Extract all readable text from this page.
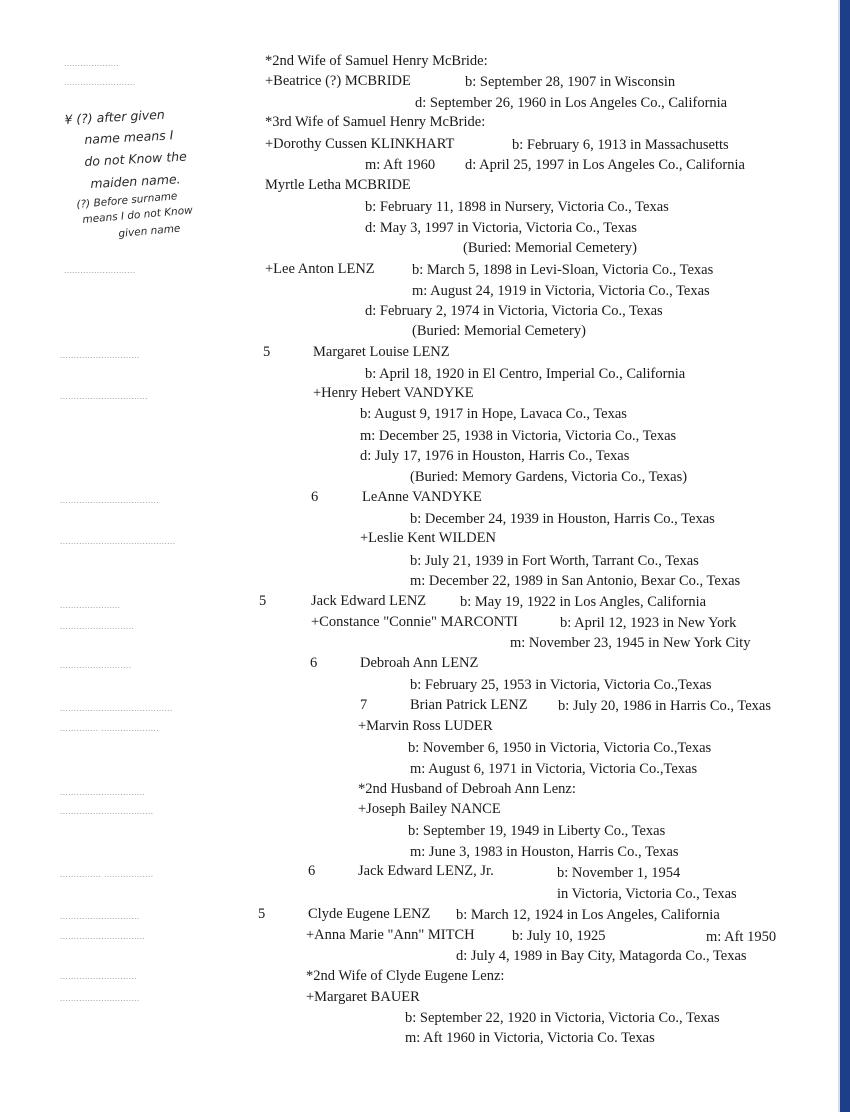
¥ (?) after given
name means I
do not Know the
maiden name.
(?) Before surname
means I do not Know
given name
....................
..........................
..........................
.............................
................................
....................................
..........................................
......................
...........................
..........................
.........................................
.............. .....................
...............................
..................................
............... ..................
.............................
...............................
............................
.............................
*2nd Wife of Samuel Henry McBride:
+Beatrice (?) MCBRIDE	b: September 28, 1907 in Wisconsin
d: September 26, 1960 in Los Angeles Co., California
*3rd Wife of Samuel Henry McBride:
+Dorothy Cussen KLINKHART	b: February 6, 1913 in Massachusetts
m: Aft 1960 d: April 25, 1997 in Los Angeles Co., California
Myrtle Letha MCBRIDE
b: February 11, 1898 in Nursery, Victoria Co., Texas
d: May 3, 1997 in Victoria, Victoria Co., Texas
(Buried: Memorial Cemetery)
+Lee Anton LENZ	b: March 5, 1898 in Levi-Sloan, Victoria Co., Texas
m: August 24, 1919 in Victoria, Victoria Co., Texas
d: February 2, 1974 in Victoria, Victoria Co., Texas
(Buried: Memorial Cemetery)
5	Margaret Louise LENZ
b: April 18, 1920 in El Centro, Imperial Co., California
+Henry Hebert VANDYKE
b: August 9, 1917 in Hope, Lavaca Co., Texas
m: December 25, 1938 in Victoria, Victoria Co., Texas
d: July 17, 1976 in Houston, Harris Co., Texas
(Buried: Memory Gardens, Victoria Co., Texas)
6	LeAnne VANDYKE
b: December 24, 1939 in Houston, Harris Co., Texas
+Leslie Kent WILDEN
b: July 21, 1939 in Fort Worth, Tarrant Co., Texas
m: December 22, 1989 in San Antonio, Bexar Co., Texas
5	Jack Edward LENZ b: May 19, 1922 in Los Angles, California
+Constance "Connie" MARCONTI	b: April 12, 1923 in New York
m: November 23, 1945 in New York City
6	Debroah Ann LENZ
b: February 25, 1953 in Victoria, Victoria Co.,Texas
7	Brian Patrick LENZ b: July 20, 1986 in Harris Co., Texas
+Marvin Ross LUDER
b: November 6, 1950 in Victoria, Victoria Co.,Texas
m: August 6, 1971 in Victoria, Victoria Co.,Texas
*2nd Husband of Debroah Ann Lenz:
+Joseph Bailey NANCE
b: September 19, 1949 in Liberty Co., Texas
m: June 3, 1983 in Houston, Harris Co., Texas
6	Jack Edward LENZ, Jr.	b: November 1, 1954
in Victoria, Victoria Co., Texas
5	Clyde Eugene LENZ b: March 12, 1924 in Los Angeles, California
+Anna Marie "Ann" MITCH	b: July 10, 1925	m: Aft 1950
d: July 4, 1989 in Bay City, Matagorda Co., Texas
*2nd Wife of Clyde Eugene Lenz:
+Margaret BAUER
b: September 22, 1920 in Victoria, Victoria Co., Texas
m: Aft 1960 in Victoria, Victoria Co. Texas
